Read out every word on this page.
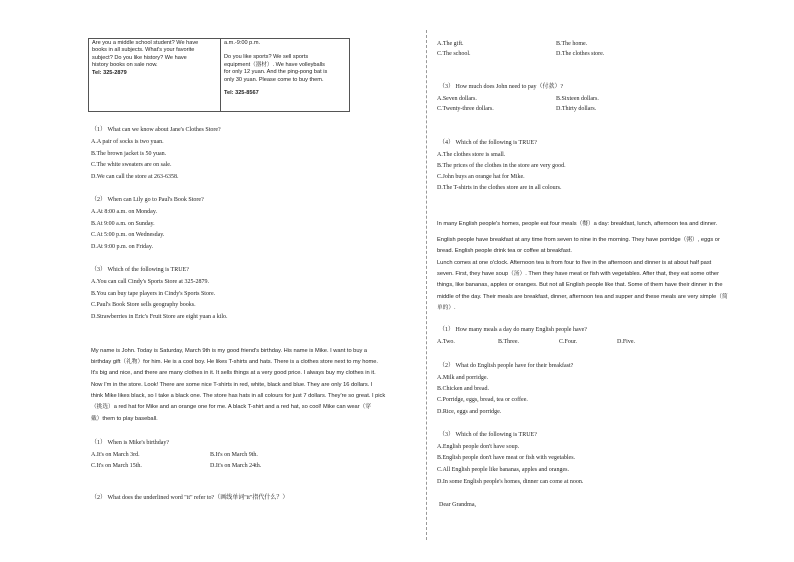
Are you a middle school student? We have
books in all subjects. What's your favorite
subject? Do you like history? We have
history books on sale now.
Tel: 325-2879
a.m.-9:00 p.m.
Do you like sports? We sell sports
equipment（器材）. We have volleyballs
for only 12 yuan. And the ping-pong bat is
only 30 yuan. Please come to buy them.
Tel: 325-8567
（1） What can we know about Jane's Clothes Store?
A.A pair of socks is two yuan.
B.The brown jacket is 50 yuan.
C.The white sweaters are on sale.
D.We can call the store at 263-6358.
（2） When can Lily go to Paul's Book Store?
A.At 8:00 a.m. on Monday.
B.At 9:00 a.m. on Sunday.
C.At 5:00 p.m. on Wednesday.
D.At 9:00 p.m. on Friday.
（3） Which of the following is TRUE?
A.You can call Cindy's Sports Store at 325-2879.
B.You can buy tape players in Cindy's Sports Store.
C.Paul's Book Store sells geography books.
D.Strawberries in Eric's Fruit Store are eight yuan a kilo.
My name is John. Today is Saturday, March 9th is my good friend's birthday. His name is Mike. I want to buy a
birthday gift（礼物）for him. He is a cool boy. He likes T-shirts and hats. There is a clothes store next to my home.
It's big and nice, and there are many clothes in it. It sells things at a very good price. I always buy my clothes in it.
Now I'm in the store. Look! There are some nice T-shirts in red, white, black and blue. They are only 16 dollars. I
think Mike likes black, so I take a black one. The store has hats in all colours for just 7 dollars. They're so great. I pick
（挑选）a red hat for Mike and an orange one for me. A black T-shirt and a red hat, so cool! Mike can wear（穿
戴）them to play baseball.
（1） When is Mike's birthday?
A.It's on March 3rd.	B.It's on March 9th.
C.It's on March 15th.	D.It's on March 24th.
（2） What does the underlined word "it" refer to?（画线单词"it"指代什么？）
A.The gift.	B.The home.
C.The school.	D.The clothes store.
（3） How much does John need to pay（付款）?
A.Seven dollars.	B.Sixteen dollars.
C.Twenty-three dollars.	D.Thirty dollars.
（4） Which of the following is TRUE?
A.The clothes store is small.
B.The prices of the clothes in the store are very good.
C.John buys an orange hat for Mike.
D.The T-shirts in the clothes store are in all colours.
In many English people's homes, people eat four meals（餐）a day: breakfast, lunch, afternoon tea and dinner.
English people have breakfast at any time from seven to nine in the morning. They have porridge（粥）, eggs or
bread. English people drink tea or coffee at breakfast.
Lunch comes at one o'clock. Afternoon tea is from four to five in the afternoon and dinner is at about half past
seven. First, they have soup（汤）. Then they have meat or fish with vegetables. After that, they eat some other
things, like bananas, apples or oranges. But not all English people like that. Some of them have their dinner in the
middle of the day. Their meals are breakfast, dinner, afternoon tea and supper and these meals are very simple（简
单的）.
（1） How many meals a day do many English people have?
A.Two.	B.Three.	C.Four.	D.Five.
（2） What do English people have for their breakfast?
A.Milk and porridge.
B.Chicken and bread.
C.Porridge, eggs, bread, tea or coffee.
D.Rice, eggs and porridge.
（3） Which of the following is TRUE?
A.English people don't have soup.
B.English people don't have meat or fish with vegetables.
C.All English people like bananas, apples and oranges.
D.In some English people's homes, dinner can come at noon.
Dear Grandma,
